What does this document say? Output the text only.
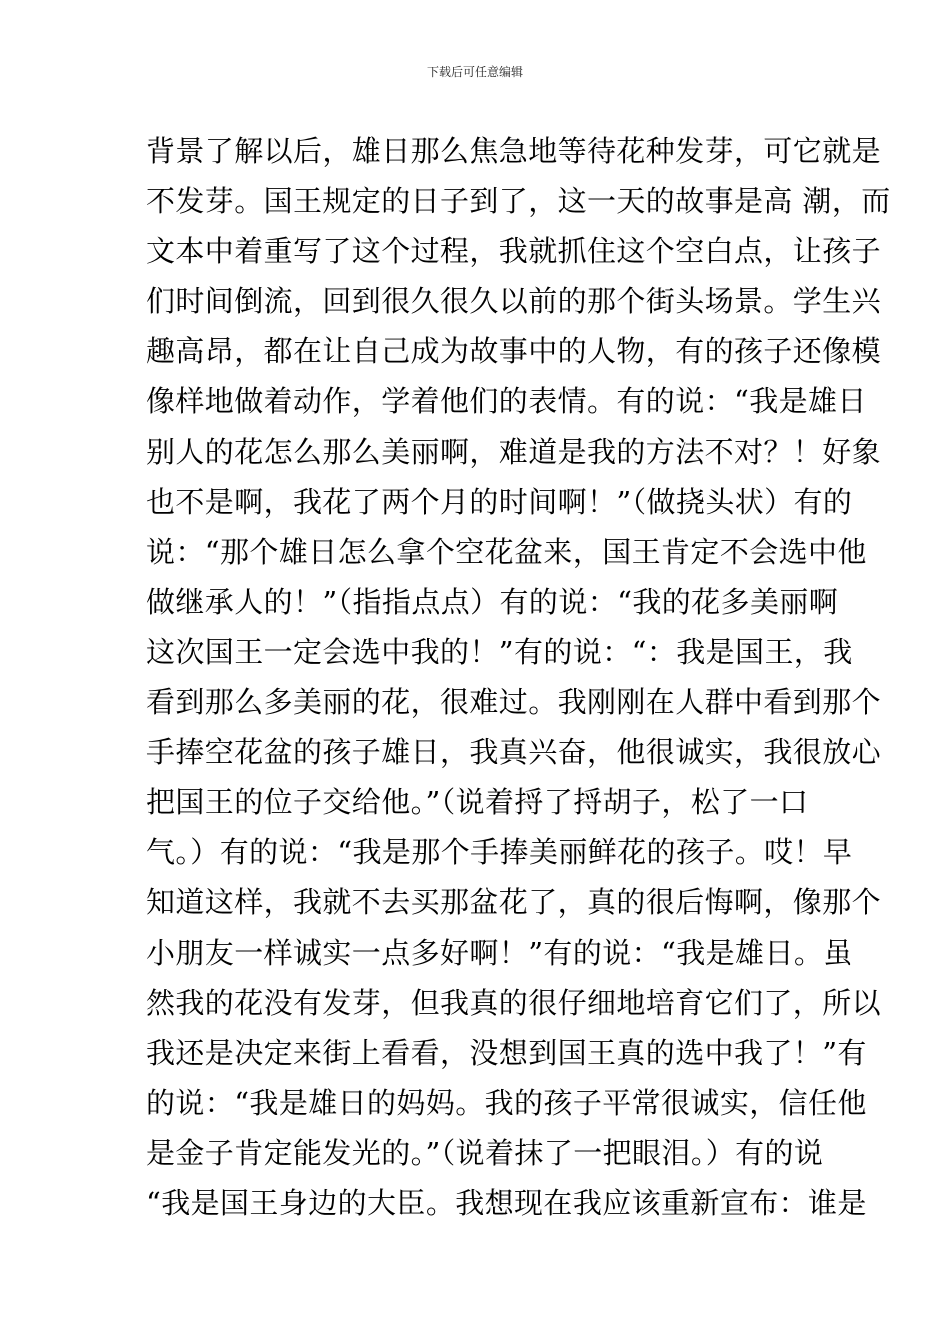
下载后可任意编辑
背景了解以后，雄日那么焦急地等待花种发芽，可它就是
不发芽。国王规定的日子到了，这一天的故事是高 潮，而
文本中着重写了这个过程，我就抓住这个空白点，让孩子
们时间倒流，回到很久很久以前的那个街头场景。学生兴
趣高昂，都在让自己成为故事中的人物，有的孩子还像模
像样地做着动作，学着他们的表情。有的说：“我是雄日
别人的花怎么那么美丽啊，难道是我的方法不对？！好象
也不是啊，我花了两个月的时间啊！”（做挠头状）有的
说：“那个雄日怎么拿个空花盆来，国王肯定不会选中他
做继承人的！”（指指点点）有的说：“我的花多美丽啊
这次国王一定会选中我的！”有的说：“：我是国王，我
看到那么多美丽的花，很难过。我刚刚在人群中看到那个
手捧空花盆的孩子雄日，我真兴奋，他很诚实，我很放心
把国王的位子交给他。”（说着捋了捋胡子，松了一口
气。）有的说：“我是那个手捧美丽鲜花的孩子。哎！早
知道这样，我就不去买那盆花了，真的很后悔啊，像那个
小朋友一样诚实一点多好啊！”有的说：“我是雄日。虽
然我的花没有发芽，但我真的很仔细地培育它们了，所以
我还是决定来街上看看，没想到国王真的选中我了！”有
的说：“我是雄日的妈妈。我的孩子平常很诚实，信任他
是金子肯定能发光的。”（说着抹了一把眼泪。）有的说
“我是国王身边的大臣。我想现在我应该重新宣布：谁是
